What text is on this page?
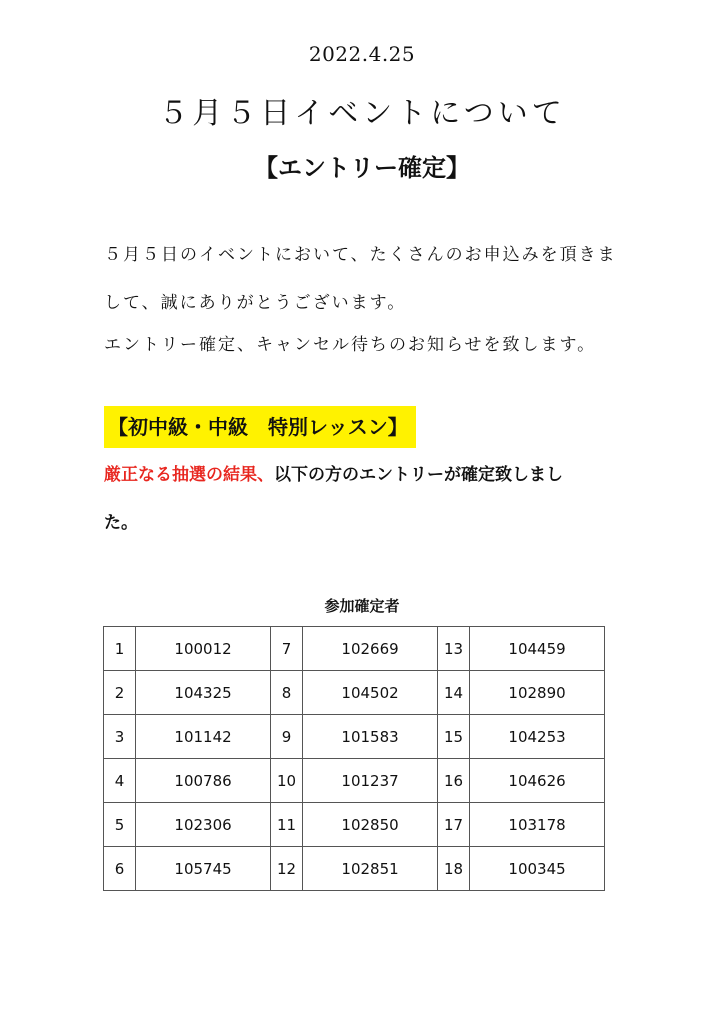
2022.4.25
５月５日イベントについて
【エントリー確定】
５月５日のイベントにおいて、たくさんのお申込みを頂きま
して、誠にありがとうございます。
エントリー確定、キャンセル待ちのお知らせを致します。
【初中級・中級　特別レッスン】
厳正なる抽選の結果、以下の方のエントリーが確定致しまし
た。
参加確定者
1	100012	7	102669	13	104459
2	104325	8	104502	14	102890
3	101142	9	101583	15	104253
4	100786	10	101237	16	104626
5	102306	11	102850	17	103178
6	105745	12	102851	18	100345
